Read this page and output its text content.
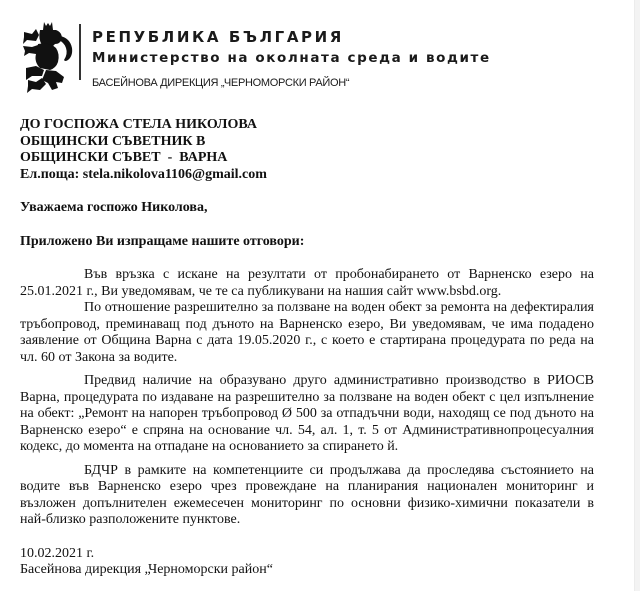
РЕПУБЛИКА БЪЛГАРИЯ
Министерство на околната среда и водите
БАСЕЙНОВА ДИРЕКЦИЯ „ЧЕРНОМОРСКИ РАЙОН“
ДО ГОСПОЖА СТЕЛА НИКОЛОВА
ОБЩИНСКИ СЪВЕТНИК В
ОБЩИНСКИ СЪВЕТ  -  ВАРНА
Ел.поща: stela.nikolova1106@gmail.com
Уважаема госпожо Николова,
Приложено Ви изпращаме нашите отговори:

Във връзка с искане на резултати от пробонабирането от Варненско езеро на 25.01.2021 г., Ви уведомявам, че те са публикувани на нашия сайт www.bsbd.org.

По отношение разрешително за ползване на воден обект за ремонта на дефектиралия тръбопровод, преминаващ под дъното на Варненско езеро, Ви уведомявам, че има подадено заявление от Община Варна с дата 19.05.2020 г., с което е стартирана процедурата по реда на чл. 60 от Закона за водите.

Предвид наличие на образувано друго административно производство в РИОСВ Варна, процедурата по издаване на разрешително за ползване на воден обект с цел изпълнение на обект: „Ремонт на напорен тръбопровод Ø 500 за отпадъчни води, находящ се под дъното на Варненско езеро“ е спряна на основание чл. 54, ал. 1, т. 5 от Административнопроцесуалния кодекс, до момента на отпадане на основанието за спирането й.

БДЧР в рамките на компетенциите си продължава да проследява състоянието на водите във Варненско езеро чрез провеждане на планирания национален мониторинг и възложен допълнителен ежемесечен мониторинг по основни физико-химични показатели в най-близко разположените пунктове.

10.02.2021 г.
Басейнова дирекция „Черноморски район“
